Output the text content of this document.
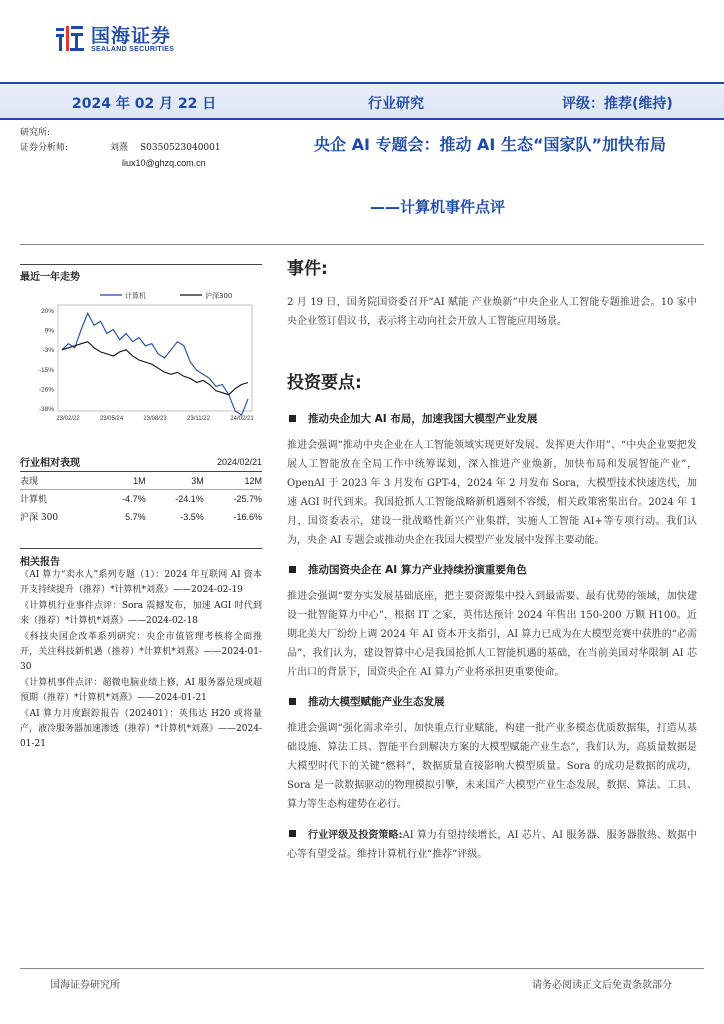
国海证券
SEALAND SECURITIES
2024 年 02 月 22 日	行业研究	评级：推荐(维持)
研究所:
证券分析师:	刘熹	S0350523040001
liux10@ghzq.com.cn
央企 AI 专题会：推动 AI 生态“国家队”加快布局
——计算机事件点评
最近一年走势
计算机	沪深300
20%
9%
-3%
-15%
-26%
-38%
23/02/22	23/05/24	23/08/23	23/11/22	24/02/21
行业相对表现		2024/02/21	
表现	1M	3M	12M
计算机	-4.7%	-24.1%	-25.7%
沪深 300	5.7%	-3.5%	-16.6%
相关报告

《AI 算力“卖水人”系列专题（1）：2024 年互联网 AI 资本开支持续提升（推荐）*计算机*刘熹》——2024-02-19

《计算机行业事件点评：Sora 震撼发布，加速 AGI 时代到来（推荐）*计算机*刘熹》——2024-02-18

《科技央国企改革系列研究：央企市值管理考核将全面推开，关注科技新机遇（推荐）*计算机*刘熹》——2024-01-30

《计算机事件点评：超微电脑业绩上修，AI 服务器兑现或超预期（推荐）*计算机*刘熹》——2024-01-21

《AI 算力月度跟踪报告（202401）：英伟达 H20 或将量产，液冷服务器加速渗透（推荐）*计算机*刘熹》——2024-01-21

事件:
2 月 19 日，国务院国资委召开“AI 赋能 产业焕新”中央企业人工智能专题推进会。10 家中央企业签订倡议书，表示将主动向社会开放人工智能应用场景。
投资要点:
推动央企加大 AI 布局，加速我国大模型产业发展
推进会强调“推动中央企业在人工智能领域实现更好发展、发挥更大作用”、“中央企业要把发展人工智能放在全局工作中统筹谋划，深入推进产业焕新，加快布局和发展智能产业”，OpenAI 于 2023 年 3 月发布 GPT-4，2024 年 2 月发布 Sora，大模型技术快速迭代，加速 AGI 时代到来。我国抢抓人工智能战略新机遇刻不容缓，相关政策密集出台。2024 年 1 月，国资委表示，建设一批战略性新兴产业集群，实施人工智能 AI+等专项行动。我们认为，央企 AI 专题会或推动央企在我国大模型产业发展中发挥主要动能。
推动国资央企在 AI 算力产业持续扮演重要角色
推进会强调“要夯实发展基础底座，把主要资源集中投入到最需要、最有优势的领域，加快建设一批智能算力中心”，根据 IT 之家，英伟达预计 2024 年售出 150-200 万颗 H100。近期北美大厂纷纷上调 2024 年 AI 资本开支指引，AI 算力已成为在大模型竞赛中获胜的“必需品”，我们认为，建设智算中心是我国抢抓人工智能机遇的基础，在当前美国对华限制 AI 芯片出口的背景下，国资央企在 AI 算力产业将承担更重要使命。
推动大模型赋能产业生态发展
推进会强调“强化需求牵引，加快重点行业赋能，构建一批产业多模态优质数据集，打造从基础设施、算法工具、智能平台到解决方案的大模型赋能产业生态”，我们认为，高质量数据是大模型时代下的关键“燃料”，数据质量直接影响大模型质量。Sora 的成功是数据的成功，Sora 是一款数据驱动的物理模拟引擎，未来国产大模型产业生态发展，数据、算法、工具、算力等生态构建势在必行。
行业评级及投资策略:AI 算力有望持续增长，AI 芯片、AI 服务器、服务器散热、数据中心等有望受益。维持计算机行业“推荐”评级。
国海证券研究所	请务必阅读正文后免责条款部分
